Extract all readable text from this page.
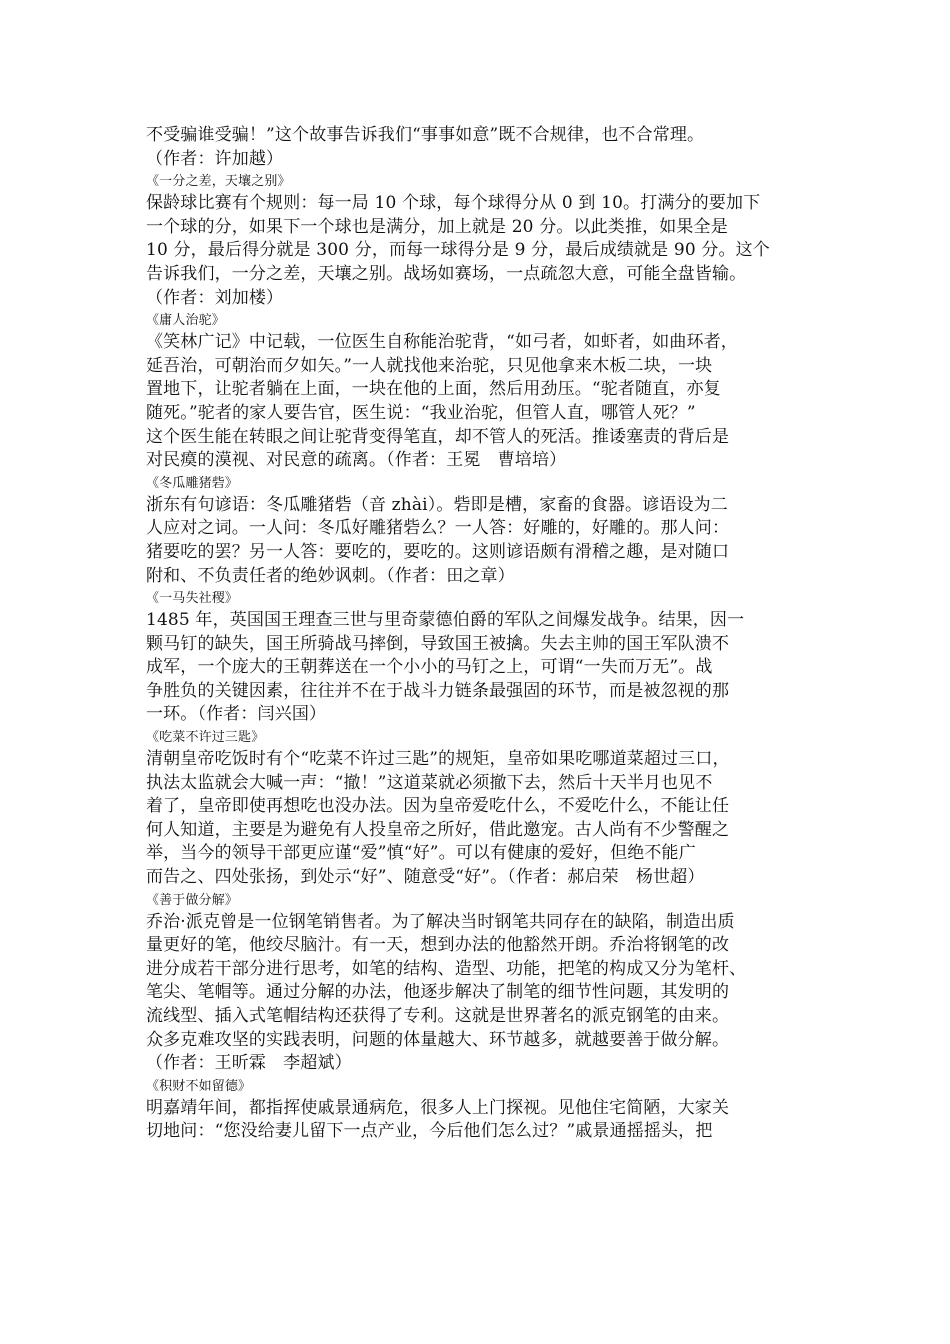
不受骗谁受骗！”这个故事告诉我们“事事如意”既不合规律，也不合常理。
（作者：许加越）
《一分之差，天壤之别》
保龄球比赛有个规则：每一局 10 个球，每个球得分从 0 到 10。打满分的要加下
一个球的分，如果下一个球也是满分，加上就是 20 分。以此类推，如果全是
10 分，最后得分就是 300 分，而每一球得分是 9 分，最后成绩就是 90 分。这个
告诉我们，一分之差，天壤之别。战场如赛场，一点疏忽大意，可能全盘皆输。
（作者：刘加楼）
《庸人治驼》
《笑林广记》中记载，一位医生自称能治驼背，“如弓者，如虾者，如曲环者，
延吾治，可朝治而夕如矢。”一人就找他来治驼，只见他拿来木板二块，一块
置地下，让驼者躺在上面，一块在他的上面，然后用劲压。“驼者随直，亦复
随死。”驼者的家人要告官，医生说：“我业治驼，但管人直，哪管人死？”
这个医生能在转眼之间让驼背变得笔直，却不管人的死活。推诿塞责的背后是
对民瘼的漠视、对民意的疏离。（作者：王冕　曹培培）
《冬瓜雕猪砦》
浙东有句谚语：冬瓜雕猪砦（音 zhài）。砦即是槽，家畜的食器。谚语设为二
人应对之词。一人问：冬瓜好雕猪砦么？一人答：好雕的，好雕的。那人问：
猪要吃的罢？另一人答：要吃的，要吃的。这则谚语颇有滑稽之趣，是对随口
附和、不负责任者的绝妙讽刺。（作者：田之章）
《一马失社稷》
1485 年，英国国王理查三世与里奇蒙德伯爵的军队之间爆发战争。结果，因一
颗马钉的缺失，国王所骑战马摔倒，导致国王被擒。失去主帅的国王军队溃不
成军，一个庞大的王朝葬送在一个小小的马钉之上，可谓“一失而万无”。战
争胜负的关键因素，往往并不在于战斗力链条最强固的环节，而是被忽视的那
一环。（作者：闫兴国）
《吃菜不许过三匙》
清朝皇帝吃饭时有个“吃菜不许过三匙”的规矩，皇帝如果吃哪道菜超过三口，
执法太监就会大喊一声：“撤！”这道菜就必须撤下去，然后十天半月也见不
着了，皇帝即使再想吃也没办法。因为皇帝爱吃什么，不爱吃什么，不能让任
何人知道，主要是为避免有人投皇帝之所好，借此邀宠。古人尚有不少警醒之
举，当今的领导干部更应谨“爱”慎“好”。可以有健康的爱好，但绝不能广
而告之、四处张扬，到处示“好”、随意受“好”。（作者：郝启荣　杨世超）
《善于做分解》
乔治·派克曾是一位钢笔销售者。为了解决当时钢笔共同存在的缺陷，制造出质
量更好的笔，他绞尽脑汁。有一天，想到办法的他豁然开朗。乔治将钢笔的改
进分成若干部分进行思考，如笔的结构、造型、功能，把笔的构成又分为笔杆、
笔尖、笔帽等。通过分解的办法，他逐步解决了制笔的细节性问题，其发明的
流线型、插入式笔帽结构还获得了专利。这就是世界著名的派克钢笔的由来。
众多克难攻坚的实践表明，问题的体量越大、环节越多，就越要善于做分解。
（作者：王昕霖　李超斌）
《积财不如留德》
明嘉靖年间，都指挥使戚景通病危，很多人上门探视。见他住宅简陋，大家关
切地问：“您没给妻儿留下一点产业，今后他们怎么过？”戚景通摇摇头，把
